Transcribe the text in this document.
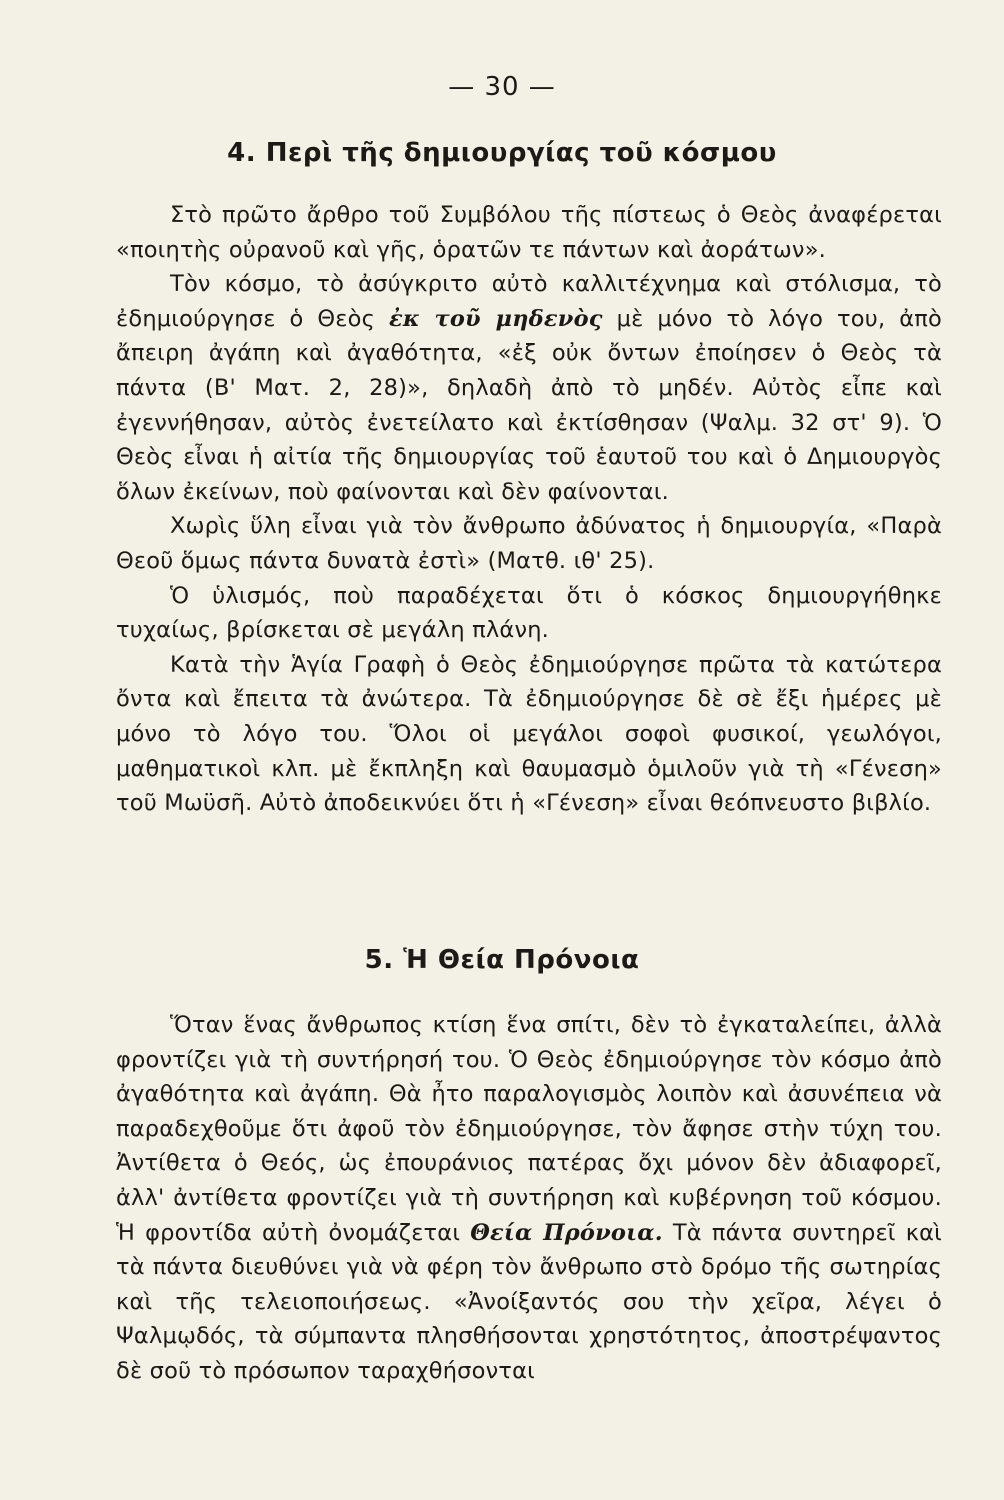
— 30 —
4. Περὶ τῆς δημιουργίας τοῦ κόσμου

Στὸ πρῶτο ἄρθρο τοῦ Συμβόλου τῆς πίστεως ὁ Θεὸς ἀναφέρεται «ποιητὴς οὐρανοῦ καὶ γῆς, ὁρατῶν τε πάντων καὶ ἀοράτων».

Τὸν κόσμο, τὸ ἀσύγκριτο αὐτὸ καλλιτέχνημα καὶ στόλισμα, τὸ ἐδημιούργησε ὁ Θεὸς ἐκ τοῦ μηδενὸς μὲ μόνο τὸ λόγο του, ἀπὸ ἄπειρη ἀγάπη καὶ ἀγαθότητα, «ἐξ οὐκ ὄντων ἐποίησεν ὁ Θεὸς τὰ πάντα (Β' Ματ. 2, 28)», δηλαδὴ ἀπὸ τὸ μηδέν. Αὐτὸς εἶπε καὶ ἐγεννήθησαν, αὐτὸς ἐνετείλατο καὶ ἐκτίσθησαν (Ψαλμ. 32 στ' 9). Ὁ Θεὸς εἶναι ἡ αἰτία τῆς δημιουργίας τοῦ ἑαυτοῦ του καὶ ὁ Δημιουργὸς ὅλων ἐκείνων, ποὺ φαίνονται καὶ δὲν φαίνονται.

Χωρὶς ὕλη εἶναι γιὰ τὸν ἄνθρωπο ἀδύνατος ἡ δημιουργία, «Παρὰ Θεοῦ ὅμως πάντα δυνατὰ ἐστὶ» (Ματθ. ιθ' 25).

Ὁ ὑλισμός, ποὺ παραδέχεται ὅτι ὁ κόσκος δημιουργήθηκε τυχαίως, βρίσκεται σὲ μεγάλη πλάνη.

Κατὰ τὴν Ἁγία Γραφὴ ὁ Θεὸς ἐδημιούργησε πρῶτα τὰ κατώτερα ὄντα καὶ ἔπειτα τὰ ἀνώτερα. Τὰ ἐδημιούργησε δὲ σὲ ἔξι ἡμέρες μὲ μόνο τὸ λόγο του. Ὅλοι οἱ μεγάλοι σοφοὶ φυσικοί, γεωλόγοι, μαθηματικοὶ κλπ. μὲ ἔκπληξη καὶ θαυμασμὸ ὁμιλοῦν γιὰ τὴ «Γένεση» τοῦ Μωϋσῆ. Αὐτὸ ἀποδεικνύει ὅτι ἡ «Γένεση» εἶναι θεόπνευστο βιβλίο.

5. Ἡ Θεία Πρόνοια

Ὅταν ἕνας ἄνθρωπος κτίση ἕνα σπίτι, δὲν τὸ ἐγκαταλείπει, ἀλλὰ φροντίζει γιὰ τὴ συντήρησή του. Ὁ Θεὸς ἐδημιούργησε τὸν κόσμο ἀπὸ ἀγαθότητα καὶ ἀγάπη. Θὰ ἦτο παραλογισμὸς λοιπὸν καὶ ἀσυνέπεια νὰ παραδεχθοῦμε ὅτι ἀφοῦ τὸν ἐδημιούργησε, τὸν ἄφησε στὴν τύχη του. Ἀντίθετα ὁ Θεός, ὡς ἐπουράνιος πατέρας ὄχι μόνον δὲν ἀδιαφορεῖ, ἀλλ' ἀντίθετα φροντίζει γιὰ τὴ συντήρηση καὶ κυβέρνηση τοῦ κόσμου. Ἡ φροντίδα αὐτὴ ὀνομάζεται Θεία Πρόνοια. Τὰ πάντα συντηρεῖ καὶ τὰ πάντα διευθύνει γιὰ νὰ φέρη τὸν ἄνθρωπο στὸ δρόμο τῆς σωτηρίας καὶ τῆς τελειοποιήσεως. «Ἀνοίξαντός σου τὴν χεῖρα, λέγει ὁ Ψαλμῳδός, τὰ σύμπαντα πλησθήσονται χρηστότητος, ἀποστρέψαντος δὲ σοῦ τὸ πρόσωπον ταραχθήσονται
